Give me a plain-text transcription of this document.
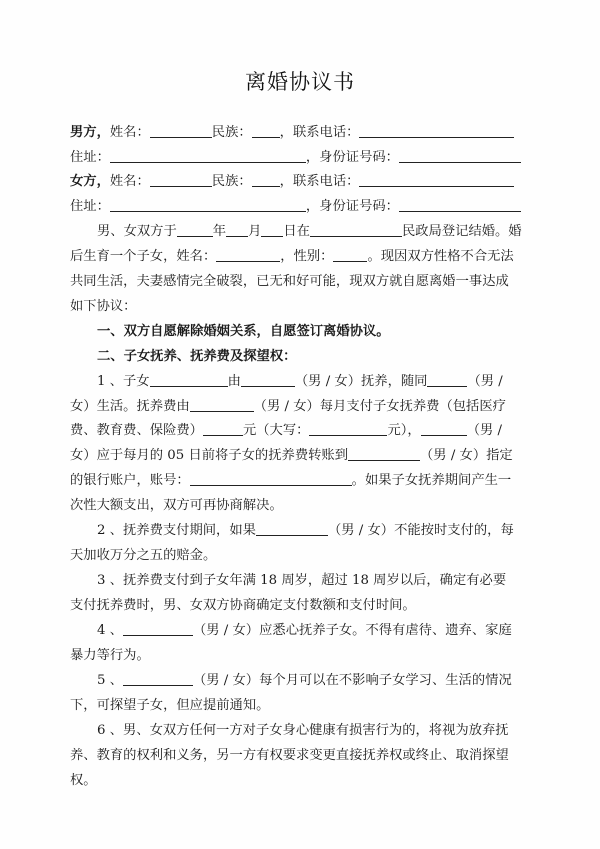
离婚协议书
男方，姓名：	民族： ，联系电话：
住址：	，身份证号码：
女方，姓名：	民族： ，联系电话：
住址：	，身份证号码：
男、女双方于	年 月 日在	民政局登记结婚。婚
后生育一个子女，姓名：	，性别：	。现因双方性格不合无法
共同生活，夫妻感情完全破裂，已无和好可能，现双方就自愿离婚一事达成
如下协议：
一、双方自愿解除婚姻关系，自愿签订离婚协议。
二、子女抚养、抚养费及探望权：
1 、子女	由	（男 / 女）抚养，随同	（男 /
女）生活。抚养费由	（男 / 女）每月支付子女抚养费（包括医疗
费、教育费、保险费）	元（大写：	元），	（男 /
女）应于每月的 05 日前将子女的抚养费转账到	（男 / 女）指定
的银行账户，账号：	。如果子女抚养期间产生一
次性大额支出，双方可再协商解决。
2 、抚养费支付期间，如果	（男 / 女）不能按时支付的，每
天加收万分之五的赔金。
3 、抚养费支付到子女年满 18 周岁，超过 18 周岁以后，确定有必要
支付抚养费时，男、女双方协商确定支付数额和支付时间。
4 、	（男 / 女）应悉心抚养子女。不得有虐待、遗弃、家庭
暴力等行为。
5 、	（男 / 女）每个月可以在不影响子女学习、生活的情况
下，可探望子女，但应提前通知。
6 、男、女双方任何一方对子女身心健康有损害行为的，将视为放弃抚
养、教育的权利和义务，另一方有权要求变更直接抚养权或终止、取消探望
权。
